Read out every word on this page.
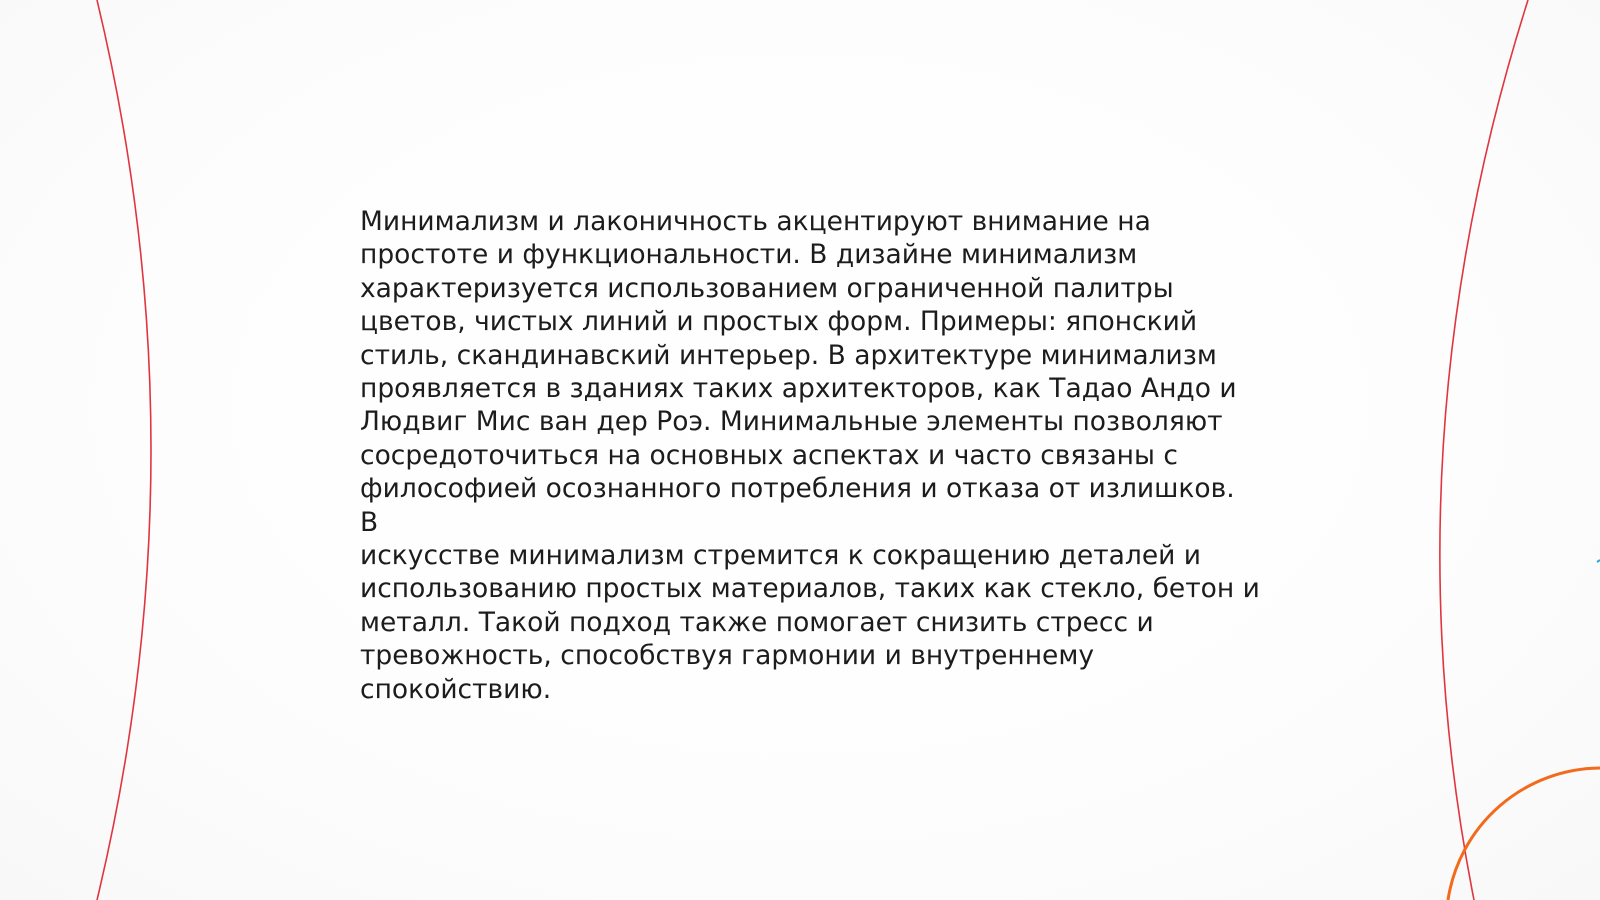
Минимализм и лаконичность акцентируют внимание на
простоте и функциональности. В дизайне минимализм
характеризуется использованием ограниченной палитры
цветов, чистых линий и простых форм. Примеры: японский
стиль, скандинавский интерьер. В архитектуре минимализм
проявляется в зданиях таких архитекторов, как Тадао Андо и
Людвиг Мис ван дер Роэ. Минимальные элементы позволяют
сосредоточиться на основных аспектах и часто связаны с
философией осознанного потребления и отказа от излишков. В
искусстве минимализм стремится к сокращению деталей и
использованию простых материалов, таких как стекло, бетон и
металл. Такой подход также помогает снизить стресс и
тревожность, способствуя гармонии и внутреннему
спокойствию.
